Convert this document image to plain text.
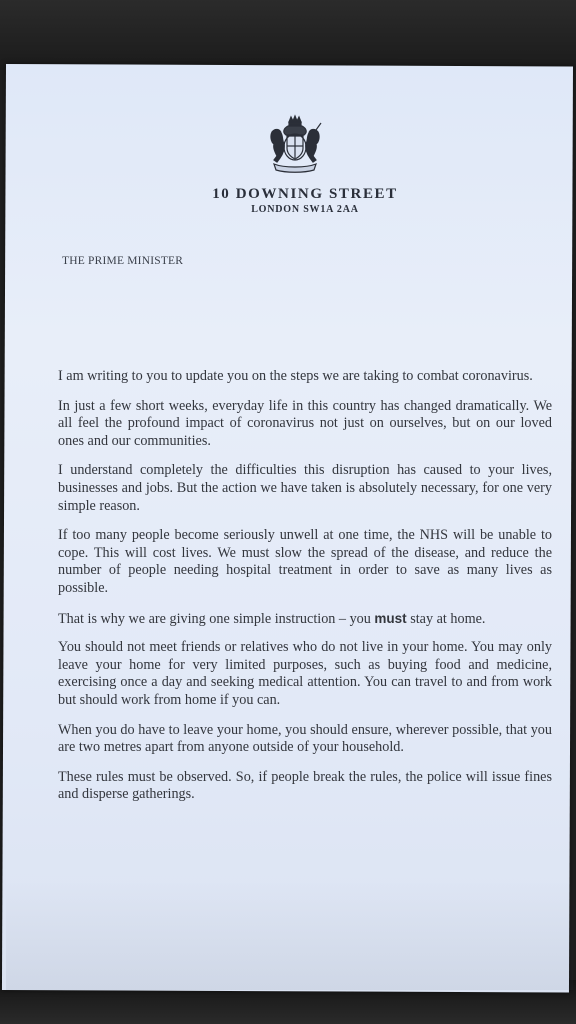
10 DOWNING STREET
LONDON SW1A 2AA
THE PRIME MINISTER

I am writing to you to update you on the steps we are taking to combat coronavirus.

In just a few short weeks, everyday life in this country has changed dramatically. We all feel the profound impact of coronavirus not just on ourselves, but on our loved ones and our communities.

I understand completely the difficulties this disruption has caused to your lives, businesses and jobs. But the action we have taken is absolutely necessary, for one very simple reason.

If too many people become seriously unwell at one time, the NHS will be unable to cope. This will cost lives. We must slow the spread of the disease, and reduce the number of people needing hospital treatment in order to save as many lives as possible.

That is why we are giving one simple instruction – you must stay at home.

You should not meet friends or relatives who do not live in your home. You may only leave your home for very limited purposes, such as buying food and medicine, exercising once a day and seeking medical attention. You can travel to and from work but should work from home if you can.

When you do have to leave your home, you should ensure, wherever possible, that you are two metres apart from anyone outside of your household.

These rules must be observed. So, if people break the rules, the police will issue fines and disperse gatherings.
